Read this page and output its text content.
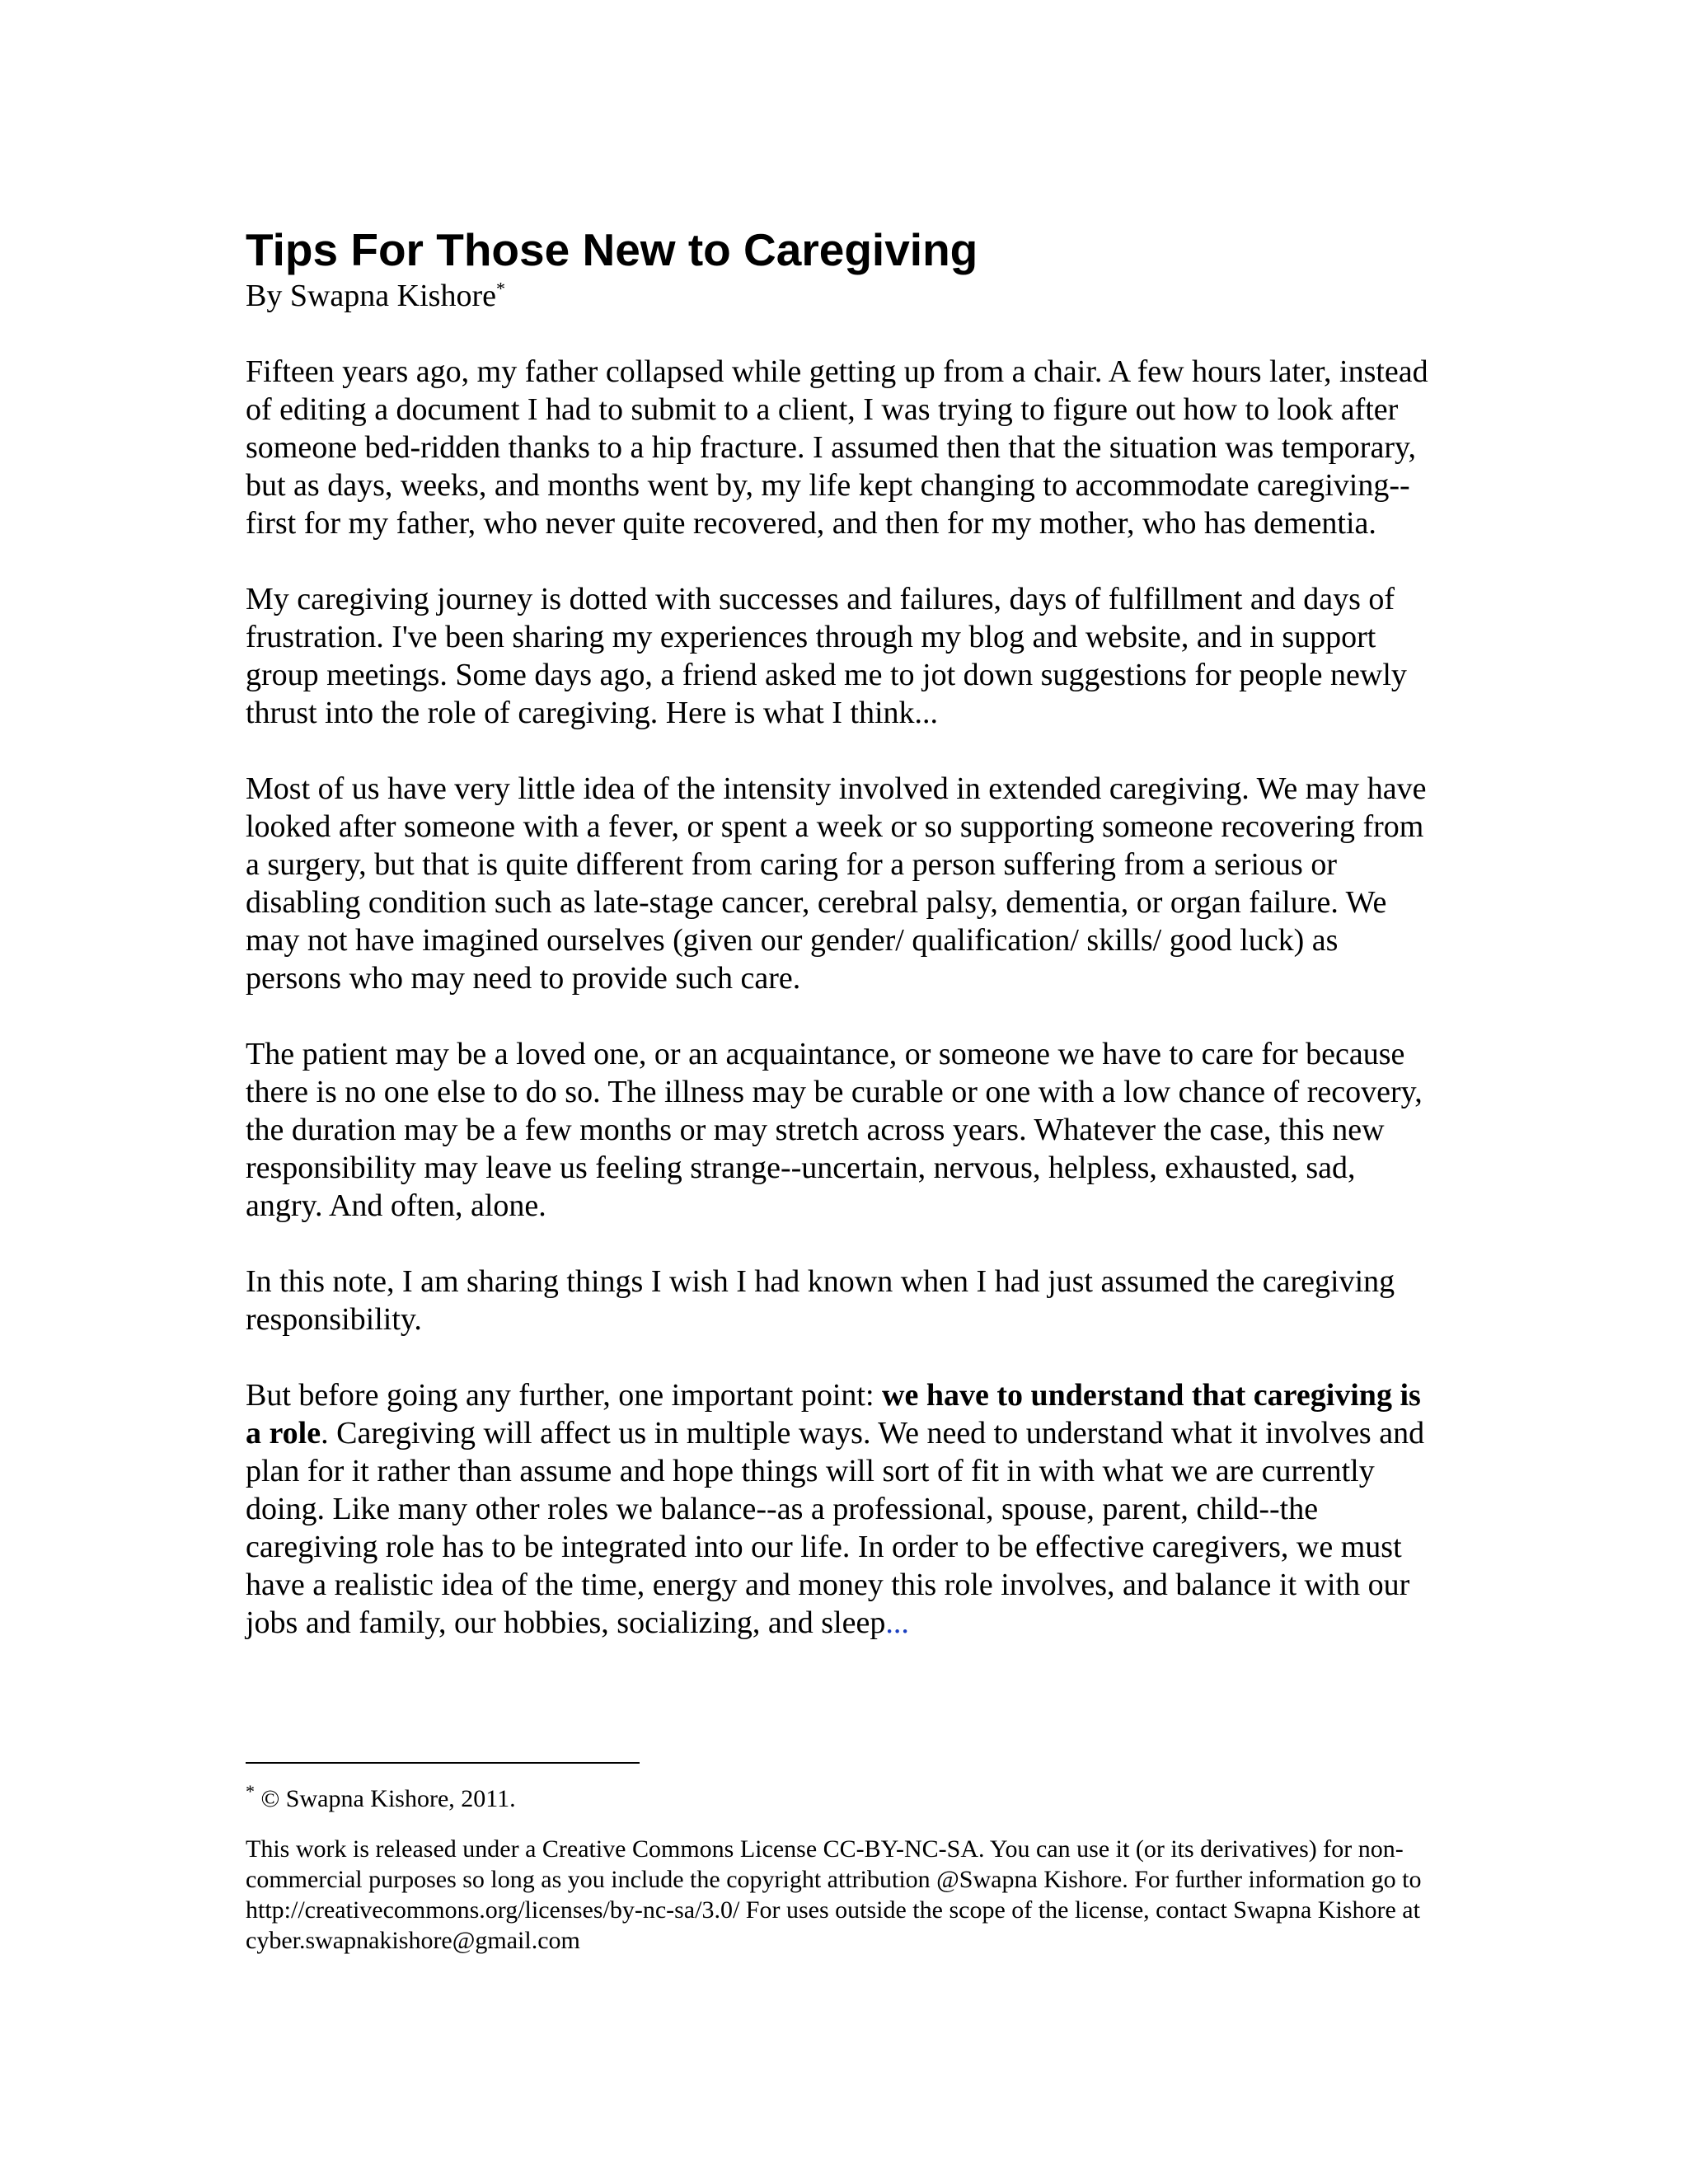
Tips For Those New to Caregiving

By Swapna Kishore*

Fifteen years ago, my father collapsed while getting up from a chair. A few hours later, instead of editing a document I had to submit to a client, I was trying to figure out how to look after someone bed-ridden thanks to a hip fracture. I assumed then that the situation was temporary, but as days, weeks, and months went by, my life kept changing to accommodate caregiving--first for my father, who never quite recovered, and then for my mother, who has dementia.

My caregiving journey is dotted with successes and failures, days of fulfillment and days of frustration. I've been sharing my experiences through my blog and website, and in support group meetings. Some days ago, a friend asked me to jot down suggestions for people newly thrust into the role of caregiving. Here is what I think...

Most of us have very little idea of the intensity involved in extended caregiving. We may have looked after someone with a fever, or spent a week or so supporting someone recovering from a surgery, but that is quite different from caring for a person suffering from a serious or disabling condition such as late-stage cancer, cerebral palsy, dementia, or organ failure. We may not have imagined ourselves (given our gender/ qualification/ skills/ good luck) as persons who may need to provide such care.

The patient may be a loved one, or an acquaintance, or someone we have to care for because there is no one else to do so. The illness may be curable or one with a low chance of recovery, the duration may be a few months or may stretch across years. Whatever the case, this new responsibility may leave us feeling strange--uncertain, nervous, helpless, exhausted, sad, angry. And often, alone.

In this note, I am sharing things I wish I had known when I had just assumed the caregiving responsibility.

But before going any further, one important point: we have to understand that caregiving is a role. Caregiving will affect us in multiple ways. We need to understand what it involves and plan for it rather than assume and hope things will sort of fit in with what we are currently doing. Like many other roles we balance--as a professional, spouse, parent, child--the caregiving role has to be integrated into our life. In order to be effective caregivers, we must have a realistic idea of the time, energy and money this role involves, and balance it with our jobs and family, our hobbies, socializing, and sleep...

* © Swapna Kishore, 2011.

This work is released under a Creative Commons License CC-BY-NC-SA. You can use it (or its derivatives) for non-commercial purposes so long as you include the copyright attribution @Swapna Kishore. For further information go to http://creativecommons.org/licenses/by-nc-sa/3.0/ For uses outside the scope of the license, contact Swapna Kishore at cyber.swapnakishore@gmail.com
